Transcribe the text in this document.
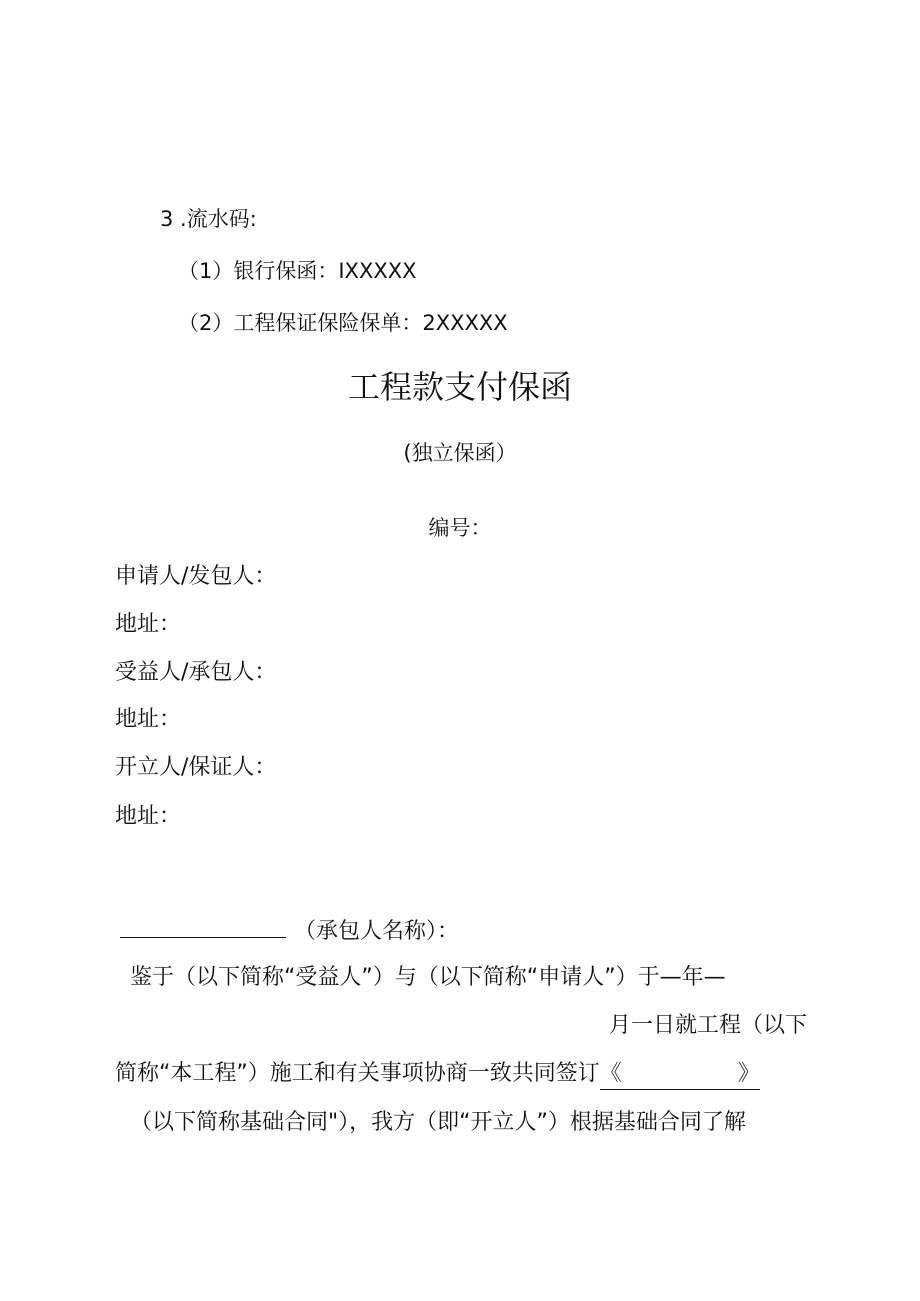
3 .流水码:
（1）银行保函：IXXXXX
（2）工程保证保险保单：2XXXXX
工程款支付保函
(独立保函）
编号：
申请人/发包人：
地址：
受益人/承包人：
地址：
开立人/保证人：
地址：
（承包人名称）：
鉴于（以下简称“受益人”）与（以下简称“申请人”）于—年—
月一日就工程（以下
简称“本工程”）施工和有关事项协商一致共同签订《	》
（以下简称基础合同"），我方（即“开立人”）根据基础合同了解
